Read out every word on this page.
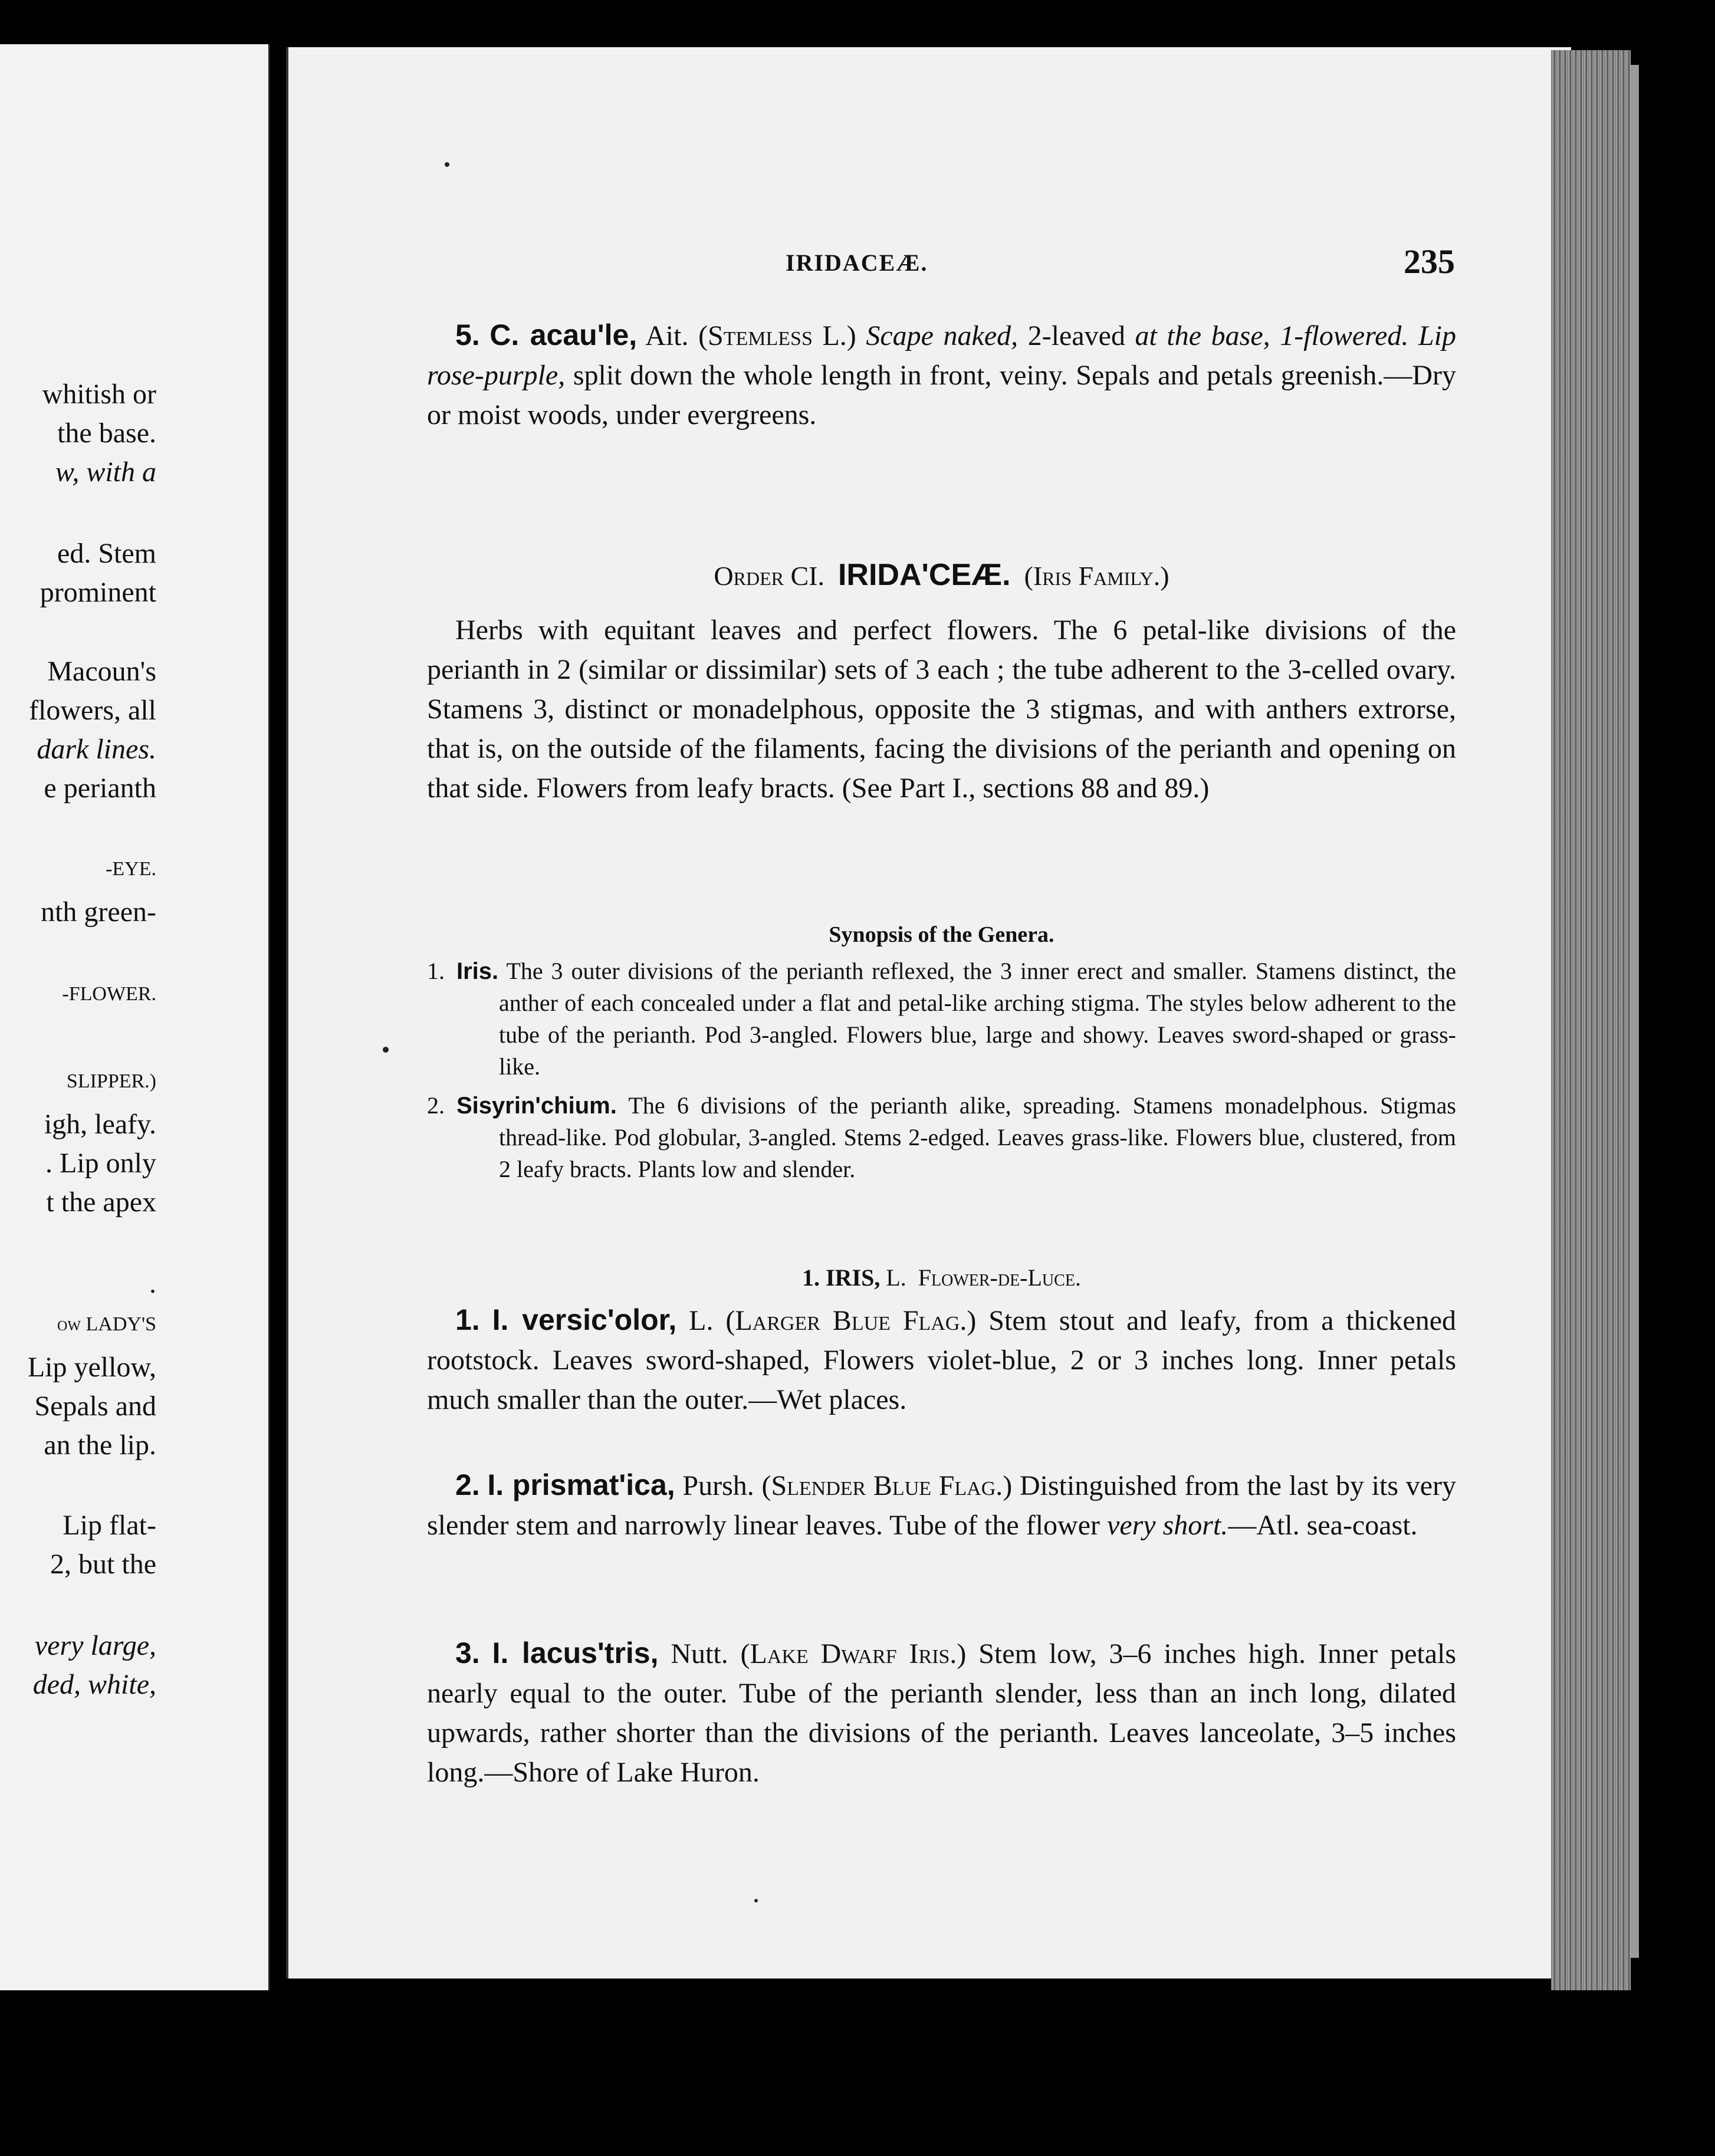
whitish or
the base.
w, with a
ed. Stem
prominent
Macoun's
flowers, all
dark lines.
e perianth
-EYE.
nth green-
-FLOWER.
SLIPPER.)
igh, leafy.
. Lip only
t the apex
.
ow LADY'S
Lip yellow,
Sepals and
an the lip.
Lip flat-
2, but the
very large,
ded, white,
IRIDACEÆ.	235

5. C. acau'le, Ait. (Stemless L.) Scape naked, 2-leaved at the base, 1-flowered. Lip rose-purple, split down the whole length in front, veiny. Sepals and petals greenish.—Dry or moist woods, under evergreens.

Order CI. IRIDA'CEÆ. (Iris Family.)

Herbs with equitant leaves and perfect flowers. The 6 petal-like divisions of the perianth in 2 (similar or dissimilar) sets of 3 each ; the tube adherent to the 3-celled ovary. Stamens 3, distinct or monadelphous, opposite the 3 stigmas, and with anthers extrorse, that is, on the outside of the filaments, facing the divisions of the perianth and opening on that side. Flowers from leafy bracts. (See Part I., sections 88 and 89.)

Synopsis of the Genera.
1. Iris. The 3 outer divisions of the perianth reflexed, the 3 inner erect and smaller. Stamens distinct, the anther of each concealed under a flat and petal-like arching stigma. The styles below adherent to the tube of the perianth. Pod 3-angled. Flowers blue, large and showy. Leaves sword-shaped or grass-like.
2. Sisyrin'chium. The 6 divisions of the perianth alike, spreading. Stamens monadelphous. Stigmas thread-like. Pod globular, 3-angled. Stems 2-edged. Leaves grass-like. Flowers blue, clustered, from 2 leafy bracts. Plants low and slender.
1. IRIS, L. Flower-de-Luce.

1. I. versic'olor, L. (Larger Blue Flag.) Stem stout and leafy, from a thickened rootstock. Leaves sword-shaped, Flowers violet-blue, 2 or 3 inches long. Inner petals much smaller than the outer.—Wet places.

2. I. prismat'ica, Pursh. (Slender Blue Flag.) Distinguished from the last by its very slender stem and narrowly linear leaves. Tube of the flower very short.—Atl. sea-coast.

3. I. lacus'tris, Nutt. (Lake Dwarf Iris.) Stem low, 3–6 inches high. Inner petals nearly equal to the outer. Tube of the perianth slender, less than an inch long, dilated upwards, rather shorter than the divisions of the perianth. Leaves lanceolate, 3–5 inches long.—Shore of Lake Huron.
